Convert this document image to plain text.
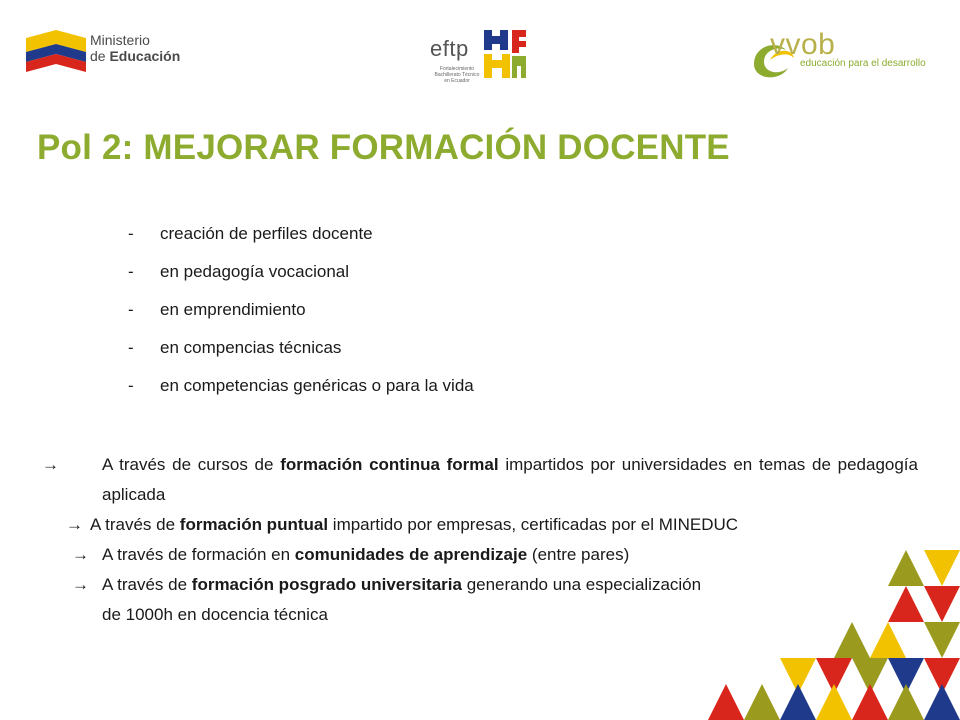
Ministerio
de Educación	eftp
Fortalecimiento
Bachillerato Técnico
en Ecuador
vvob
educación para el desarrollo
Pol 2: MEJORAR FORMACIÓN DOCENTE
- creación de perfiles docente
- en pedagogía vocacional
- en emprendimiento
- en compencias técnicas
- en competencias genéricas o para la vida
→	A través de cursos de formación continua formal impartidos por universidades en temas de pedagogía aplicada
→ A través de formación puntual impartido por empresas, certificadas por el MINEDUC
→ A través de formación en comunidades de aprendizaje (entre pares)
→ A través de formación posgrado universitaria generando una especialización
de 1000h en docencia técnica
